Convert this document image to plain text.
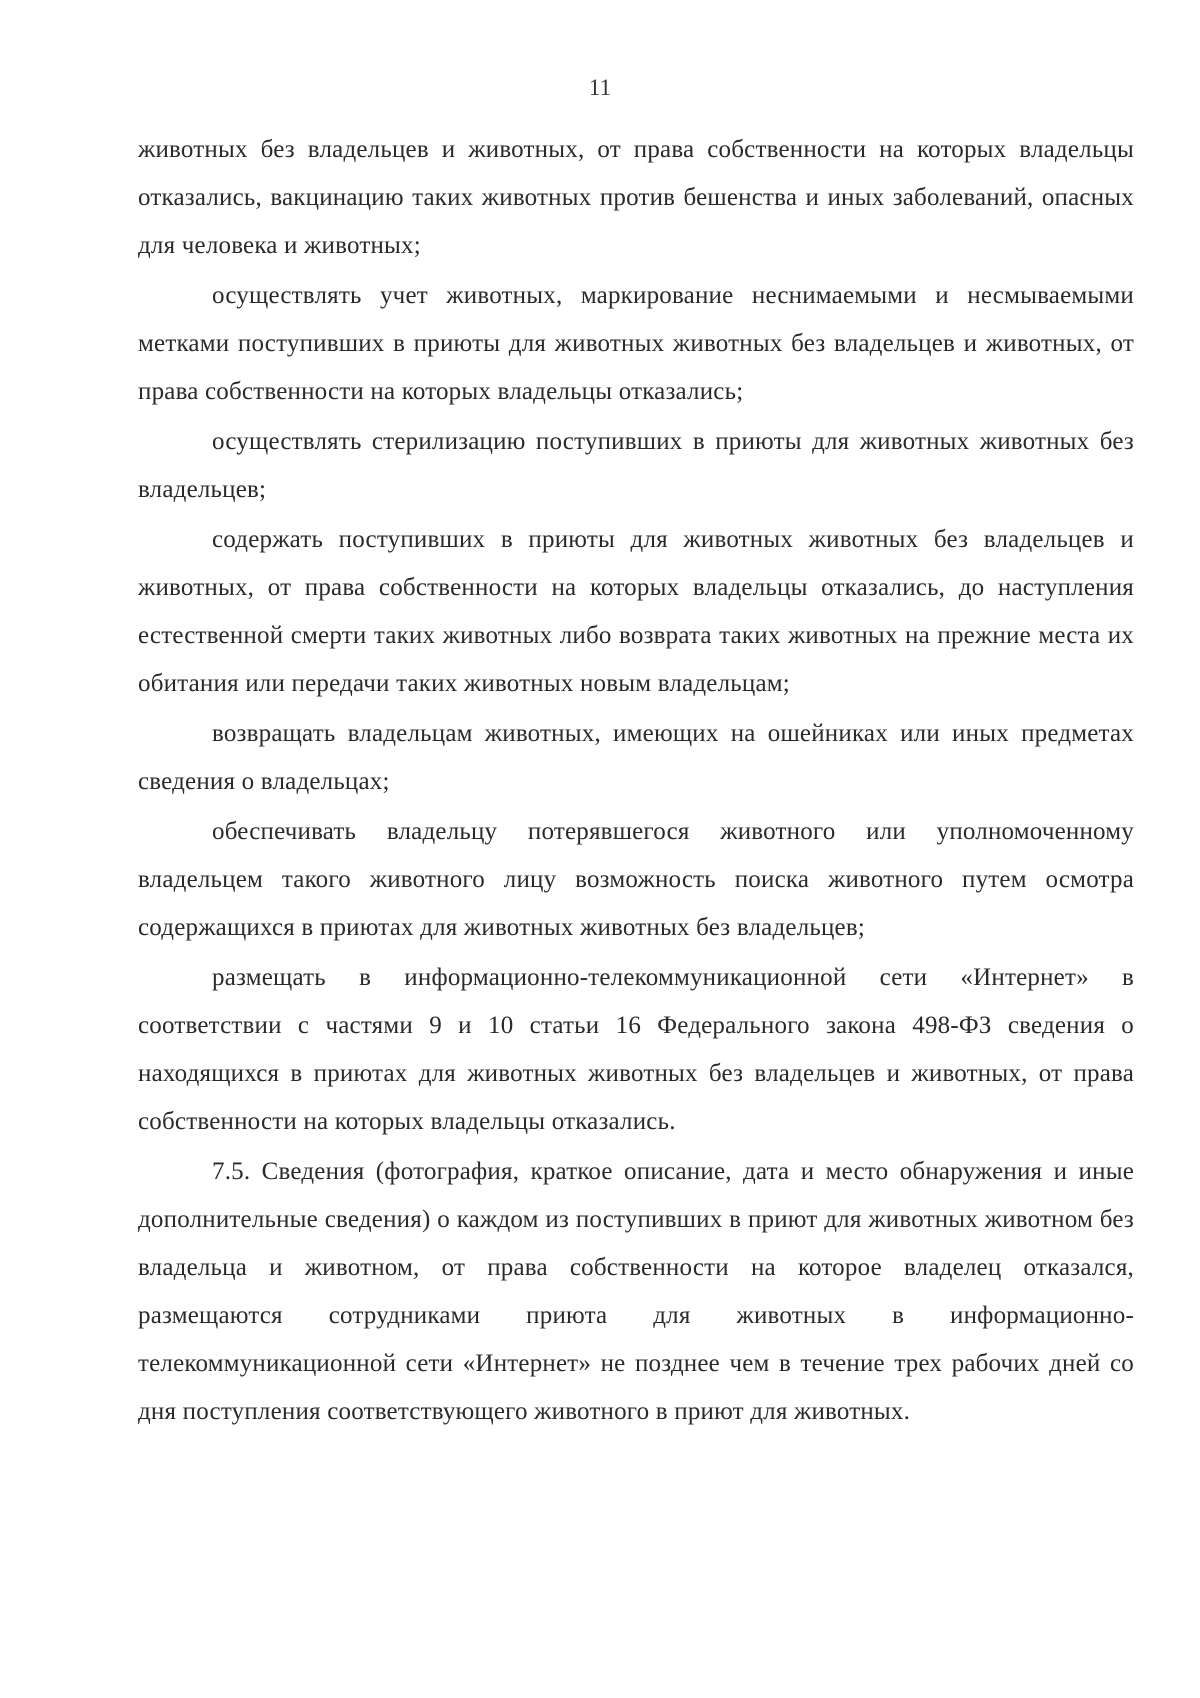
11

животных без владельцев и животных, от права собственности на которых владельцы отказались, вакцинацию таких животных против бешенства и иных заболеваний, опасных для человека и животных;

осуществлять учет животных, маркирование неснимаемыми и несмываемыми метками поступивших в приюты для животных животных без владельцев и животных, от права собственности на которых владельцы отказались;

осуществлять стерилизацию поступивших в приюты для животных животных без владельцев;

содержать поступивших в приюты для животных животных без владельцев и животных, от права собственности на которых владельцы отказались, до наступления естественной смерти таких животных либо возврата таких животных на прежние места их обитания или передачи таких животных новым владельцам;

возвращать владельцам животных, имеющих на ошейниках или иных предметах сведения о владельцах;

обеспечивать владельцу потерявшегося животного или уполномоченному владельцем такого животного лицу возможность поиска животного путем осмотра содержащихся в приютах для животных животных без владельцев;

размещать в информационно-телекоммуникационной сети «Интернет» в соответствии с частями 9 и 10 статьи 16 Федерального закона 498-ФЗ сведения о находящихся в приютах для животных животных без владельцев и животных, от права собственности на которых владельцы отказались.

7.5. Сведения (фотография, краткое описание, дата и место обнаружения и иные дополнительные сведения) о каждом из поступивших в приют для животных животном без владельца и животном, от права собственности на которое владелец отказался, размещаются сотрудниками приюта для животных в информационно-телекоммуникационной сети «Интернет» не позднее чем в течение трех рабочих дней со дня поступления соответствующего животного в приют для животных.
